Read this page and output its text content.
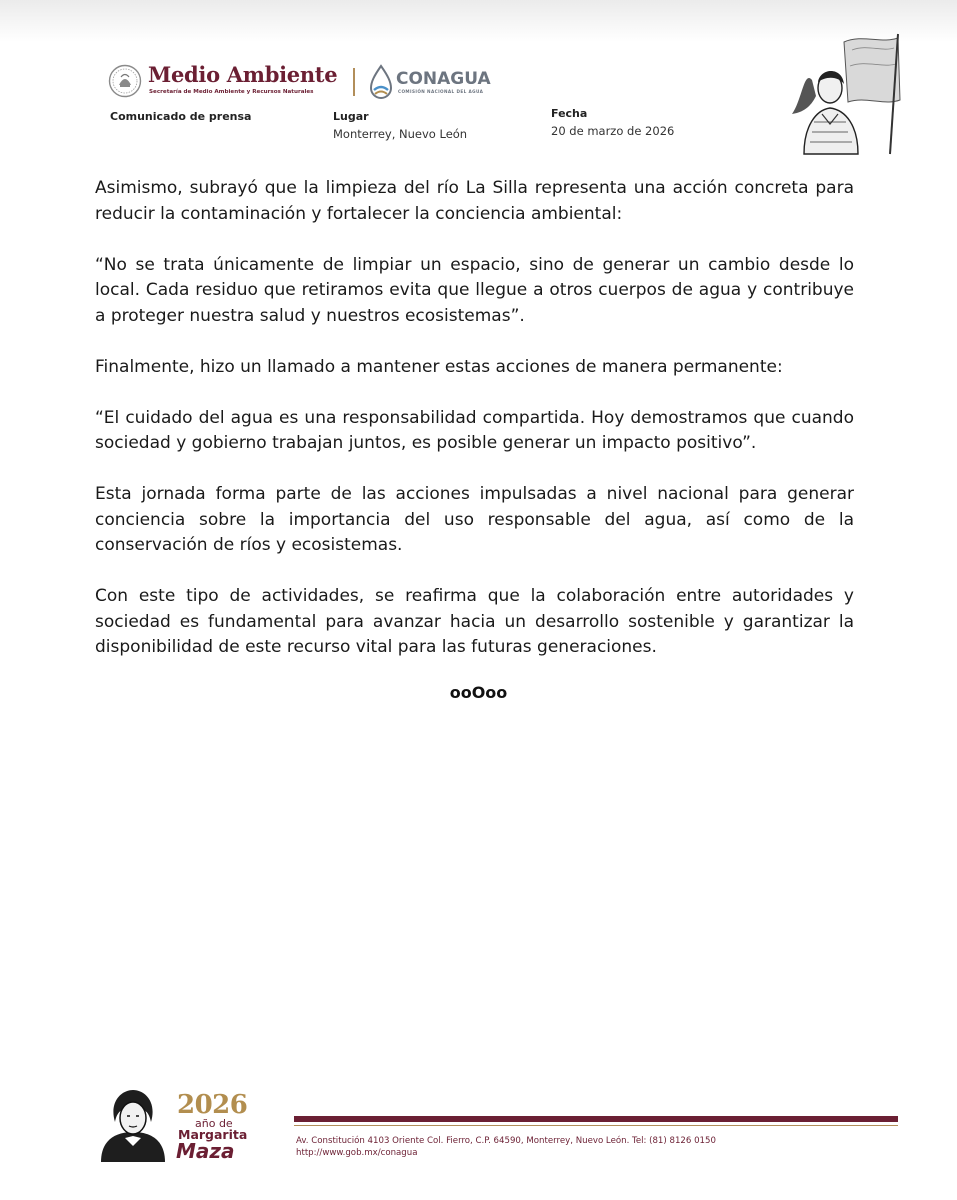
Medio Ambiente
Secretaría de Medio Ambiente y Recursos Naturales
CONAGUA
COMISIÓN NACIONAL DEL AGUA
Comunicado de prensa	Lugar
Monterrey, Nuevo León
Fecha
20 de marzo de 2026

Asimismo, subrayó que la limpieza del río La Silla representa una acción concreta para reducir la contaminación y fortalecer la conciencia ambiental:

“No se trata únicamente de limpiar un espacio, sino de generar un cambio desde lo local. Cada residuo que retiramos evita que llegue a otros cuerpos de agua y contribuye a proteger nuestra salud y nuestros ecosistemas”.

Finalmente, hizo un llamado a mantener estas acciones de manera permanente:

“El cuidado del agua es una responsabilidad compartida. Hoy demostramos que cuando sociedad y gobierno trabajan juntos, es posible generar un impacto positivo”.

Esta jornada forma parte de las acciones impulsadas a nivel nacional para generar conciencia sobre la importancia del uso responsable del agua, así como de la conservación de ríos y ecosistemas.

Con este tipo de actividades, se reafirma que la colaboración entre autoridades y sociedad es fundamental para avanzar hacia un desarrollo sostenible y garantizar la disponibilidad de este recurso vital para las futuras generaciones.

ooOoo
2026
año de
Margarita
Maza	Av. Constitución 4103 Oriente Col. Fierro, C.P. 64590, Monterrey, Nuevo León. Tel: (81) 8126 0150
http://www.gob.mx/conagua
